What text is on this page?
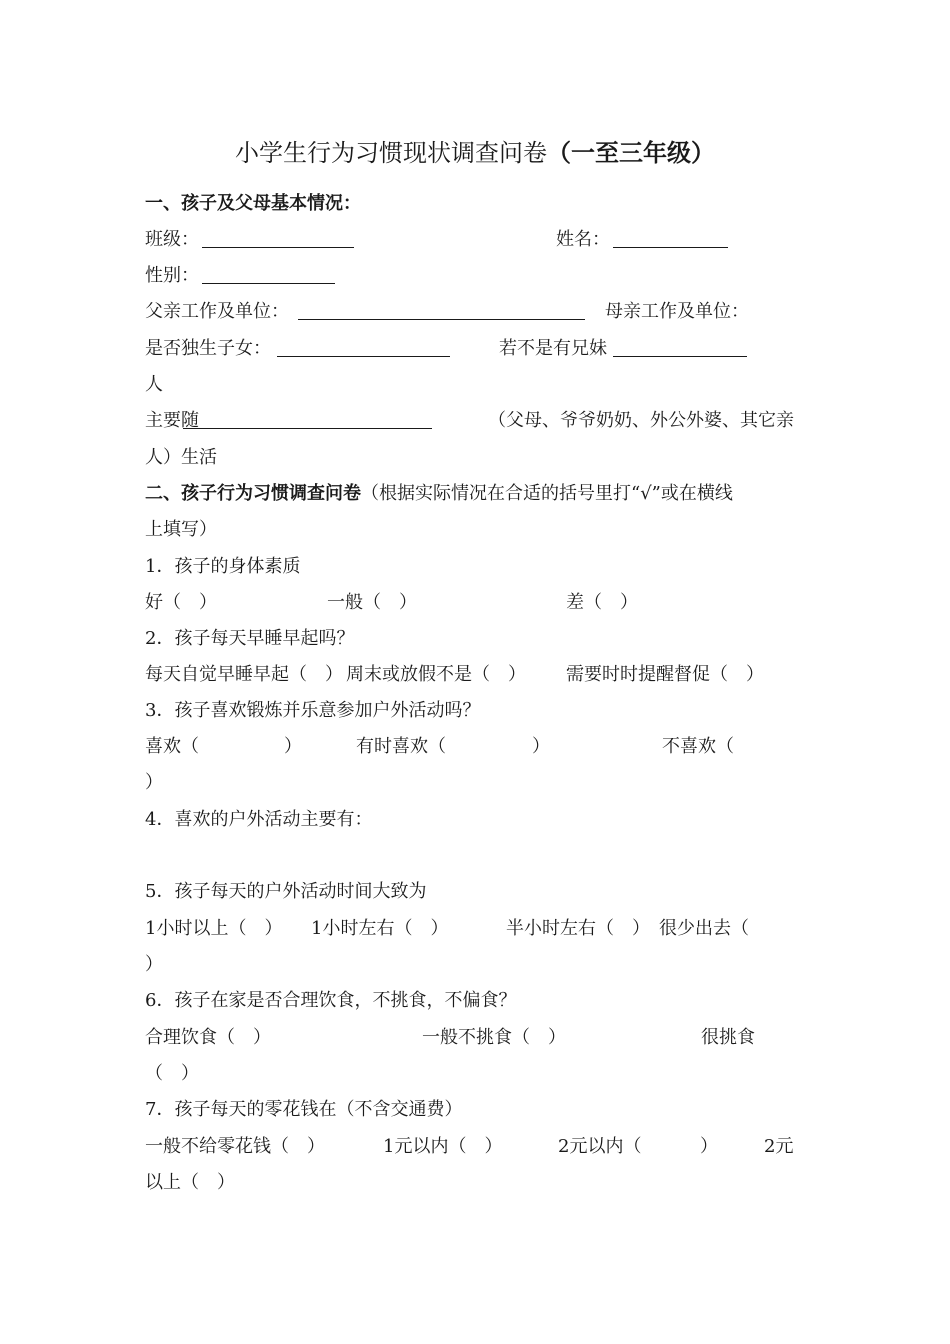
小学生行为习惯现状调查问卷（一至三年级）
一、孩子及父母基本情况：
班级：	姓名：
性别：
父亲工作及单位：	母亲工作及单位：
是否独生子女：	若不是有兄妹
人
主要随	（父母、爷爷奶奶、外公外婆、其它亲
人）生活
二、孩子行为习惯调查问卷（根据实际情况在合适的括号里打“√”或在横线
上填写）
1．孩子的身体素质
好（　）	一般（　）	差（　）
2．孩子每天早睡早起吗？
每天自觉早睡早起（　） 周末或放假不是（　） 需要时时提醒督促（　）
3．孩子喜欢锻炼并乐意参加户外活动吗？
喜欢（	）	有时喜欢（	）	不喜欢（
）
4．喜欢的户外活动主要有：
5．孩子每天的户外活动时间大致为
1小时以上（　） 1小时左右（　）	半小时左右（　） 很少出去（
）
6．孩子在家是否合理饮食，不挑食，不偏食？
合理饮食（　）	一般不挑食（　）	很挑食
（　）
7．孩子每天的零花钱在（不含交通费）
一般不给零花钱（　）	1元以内（　）	2元以内（	）	2元
以上（　）
